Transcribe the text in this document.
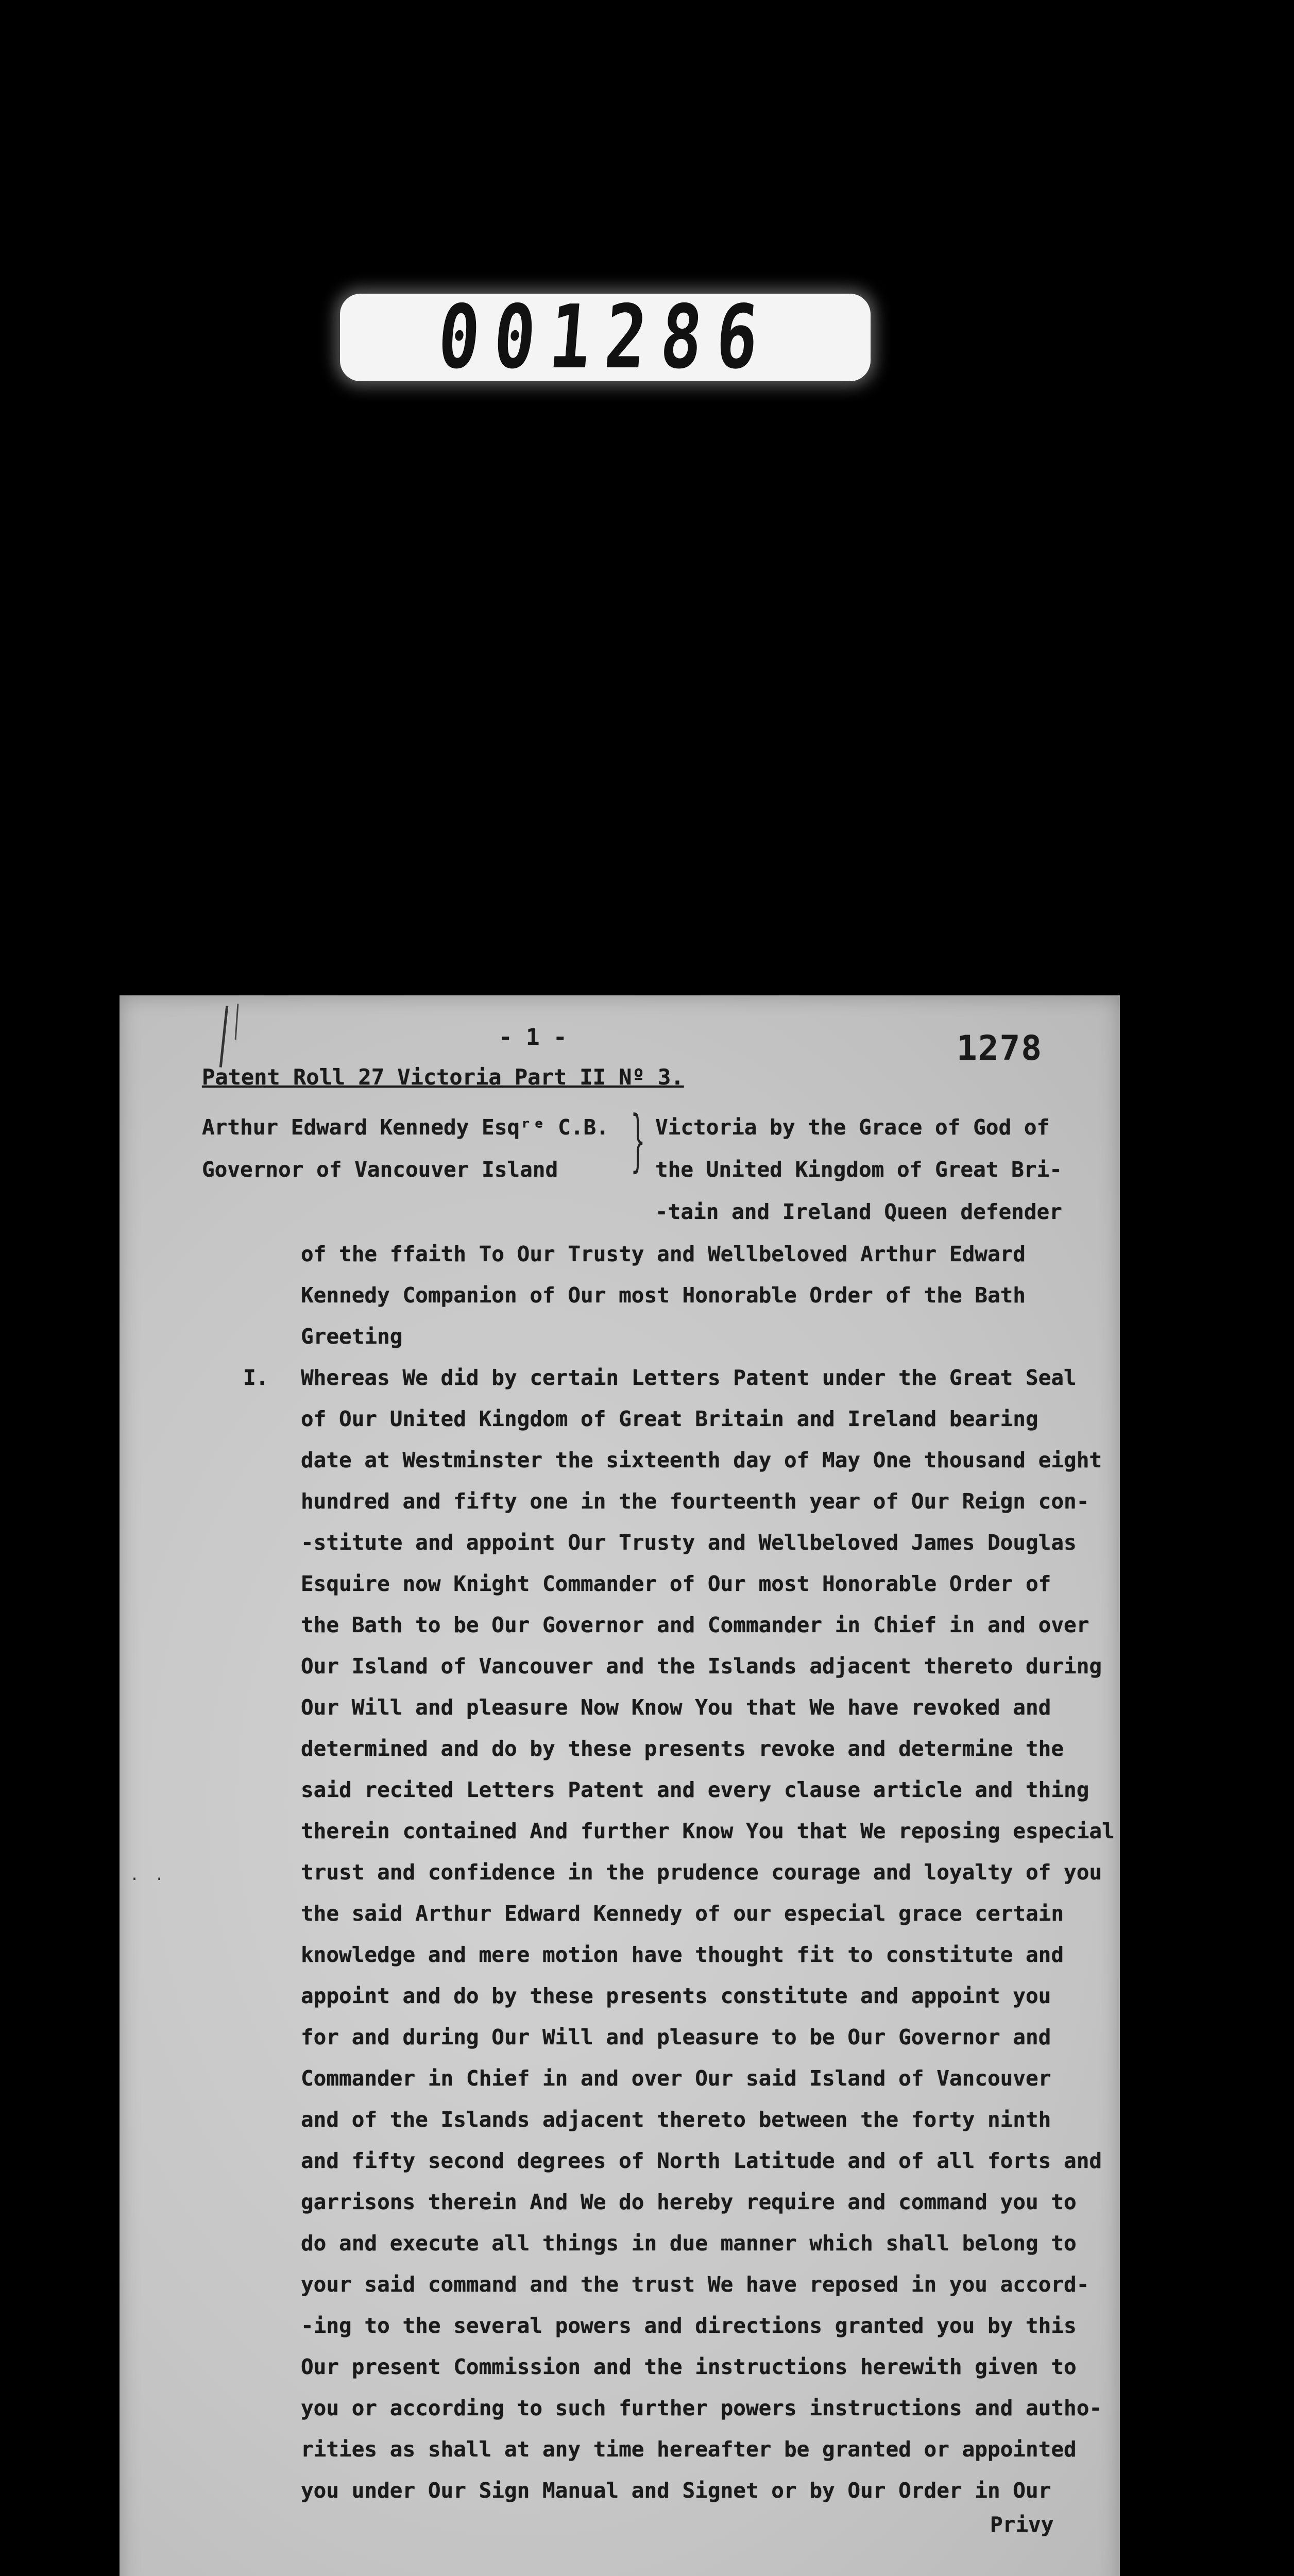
001286
- 1 -	1278
Patent Roll 27 Victoria Part II Nº 3.
Arthur Edward Kennedy Esqʳᵉ C.B.
Governor of Vancouver Island } Victoria by the Grace of God of
the United Kingdom of Great Bri-
-tain and Ireland Queen defender
of the ffaith To Our Trusty and Wellbeloved Arthur Edward
Kennedy Companion of Our most Honorable Order of the Bath
Greeting
I. Whereas We did by certain Letters Patent under the Great Seal
of Our United Kingdom of Great Britain and Ireland bearing
date at Westminster the sixteenth day of May One thousand eight
hundred and fifty one in the fourteenth year of Our Reign con-
-stitute and appoint Our Trusty and Wellbeloved James Douglas
Esquire now Knight Commander of Our most Honorable Order of
the Bath to be Our Governor and Commander in Chief in and over
Our Island of Vancouver and the Islands adjacent thereto during
Our Will and pleasure Now Know You that We have revoked and
determined and do by these presents revoke and determine the
said recited Letters Patent and every clause article and thing
therein contained And further Know You that We reposing especial
trust and confidence in the prudence courage and loyalty of you
the said Arthur Edward Kennedy of our especial grace certain
knowledge and mere motion have thought fit to constitute and
appoint and do by these presents constitute and appoint you
for and during Our Will and pleasure to be Our Governor and
Commander in Chief in and over Our said Island of Vancouver
and of the Islands adjacent thereto between the forty ninth
and fifty second degrees of North Latitude and of all forts and
garrisons therein And We do hereby require and command you to
do and execute all things in due manner which shall belong to
your said command and the trust We have reposed in you accord-
-ing to the several powers and directions granted you by this
Our present Commission and the instructions herewith given to
you or according to such further powers instructions and autho-
rities as shall at any time hereafter be granted or appointed
you under Our Sign Manual and Signet or by Our Order in Our
Privy
. .
